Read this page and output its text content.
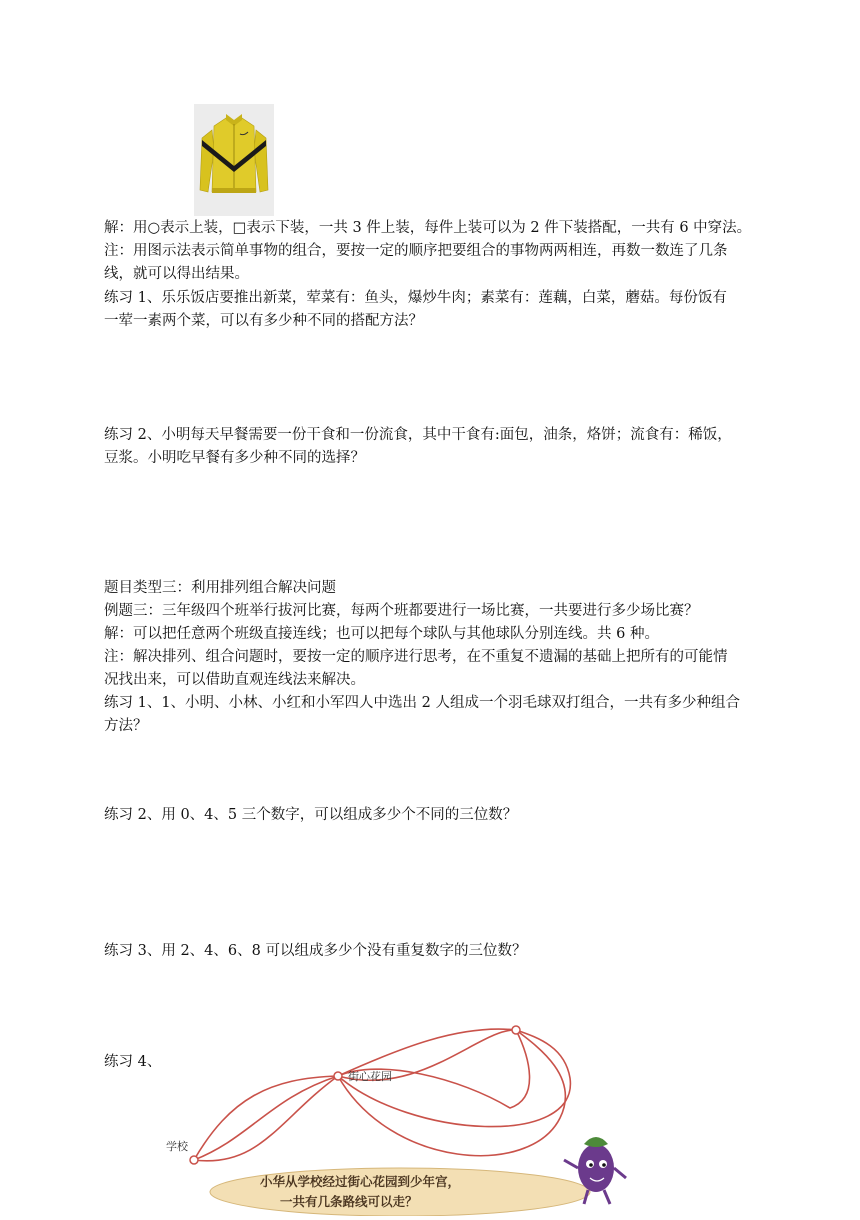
解：用○表示上装，□表示下装，一共 3 件上装，每件上装可以为 2 件下装搭配，一共有 6 中穿法。
注：用图示法表示简单事物的组合，要按一定的顺序把要组合的事物两两相连，再数一数连了几条
线，就可以得出结果。
练习 1、乐乐饭店要推出新菜，荤菜有：鱼头，爆炒牛肉；素菜有：莲藕，白菜，蘑菇。每份饭有
一荤一素两个菜，可以有多少种不同的搭配方法？
练习 2、小明每天早餐需要一份干食和一份流食，其中干食有:面包，油条，烙饼；流食有：稀饭，
豆浆。小明吃早餐有多少种不同的选择？
题目类型三：利用排列组合解决问题
例题三：三年级四个班举行拔河比赛，每两个班都要进行一场比赛，一共要进行多少场比赛？
解：可以把任意两个班级直接连线；也可以把每个球队与其他球队分别连线。共 6 种。
注：解决排列、组合问题时，要按一定的顺序进行思考，在不重复不遗漏的基础上把所有的可能情
况找出来，可以借助直观连线法来解决。
练习 1、1、小明、小林、小红和小军四人中选出 2 人组成一个羽毛球双打组合，一共有多少种组合
方法？
练习 2、用 0、4、5 三个数字，可以组成多少个不同的三位数？
练习 3、用 2、4、6、8 可以组成多少个没有重复数字的三位数？
练习 4、
学校
街心花园
小华从学校经过街心花园到少年宫，
一共有几条路线可以走？
